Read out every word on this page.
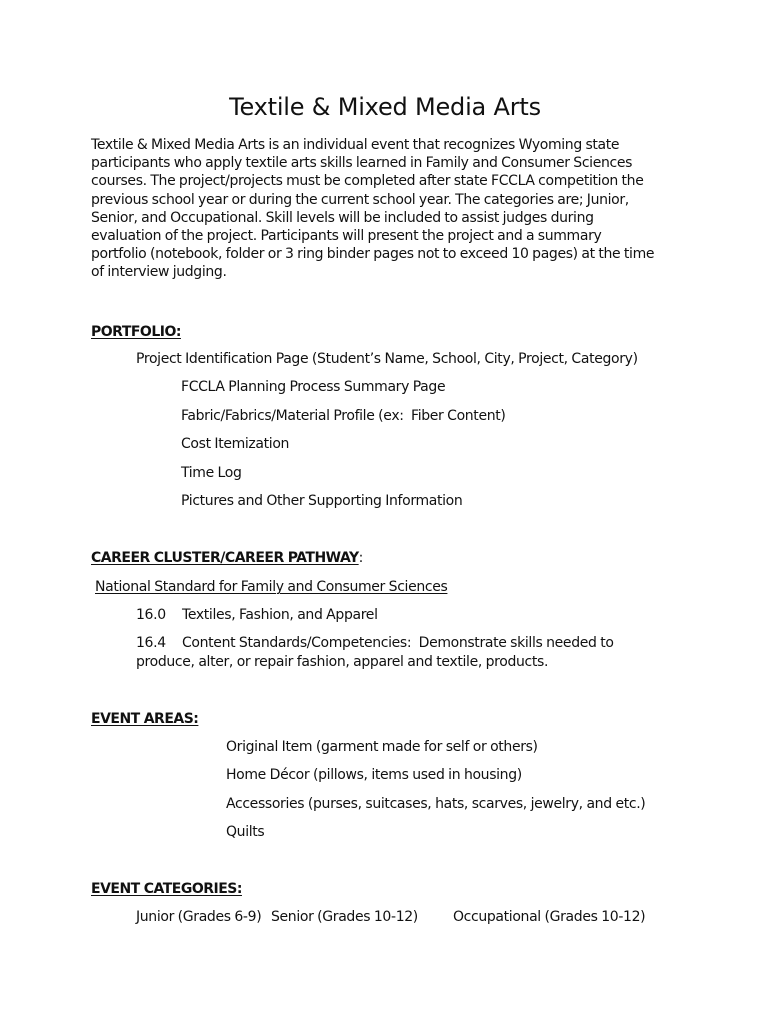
Textile & Mixed Media Arts
Textile & Mixed Media Arts is an individual event that recognizes Wyoming state
participants who apply textile arts skills learned in Family and Consumer Sciences
courses. The project/projects must be completed after state FCCLA competition the
previous school year or during the current school year. The categories are; Junior,
Senior, and Occupational. Skill levels will be included to assist judges during
evaluation of the project. Participants will present the project and a summary
portfolio (notebook, folder or 3 ring binder pages not to exceed 10 pages) at the time
of interview judging.
PORTFOLIO:
Project Identification Page (Student’s Name, School, City, Project, Category)
FCCLA Planning Process Summary Page
Fabric/Fabrics/Material Profile (ex:  Fiber Content)
Cost Itemization
Time Log
Pictures and Other Supporting Information
CAREER CLUSTER/CAREER PATHWAY:
National Standard for Family and Consumer Sciences
16.0 Textiles, Fashion, and Apparel
16.4 Content Standards/Competencies:  Demonstrate skills needed to
produce, alter, or repair fashion, apparel and textile, products.
EVENT AREAS:
Original Item (garment made for self or others)
Home Décor (pillows, items used in housing)
Accessories (purses, suitcases, hats, scarves, jewelry, and etc.)
Quilts
EVENT CATEGORIES:
Junior (Grades 6-9) Senior (Grades 10-12)	Occupational (Grades 10-12)
